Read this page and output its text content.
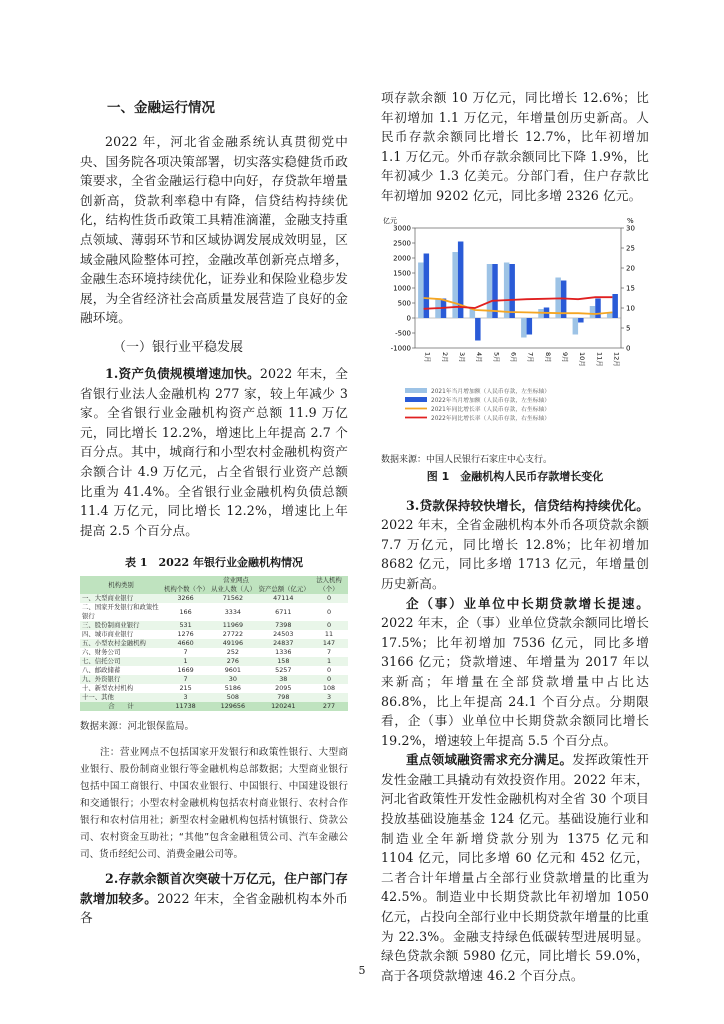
一、金融运行情况

2022 年，河北省金融系统认真贯彻党中央、国务院各项决策部署，切实落实稳健货币政策要求，全省金融运行稳中向好，存贷款年增量创新高，贷款利率稳中有降，信贷结构持续优化，结构性货币政策工具精准滴灌，金融支持重点领域、薄弱环节和区域协调发展成效明显，区域金融风险整体可控，金融改革创新亮点增多，金融生态环境持续优化，证券业和保险业稳步发展，为全省经济社会高质量发展营造了良好的金融环境。

（一）银行业平稳发展

1.资产负债规模增速加快。2022 年末，全省银行业法人金融机构 277 家，较上年减少 3 家。全省银行业金融机构资产总额 11.9 万亿元，同比增长 12.2%，增速比上年提高 2.7 个百分点。其中，城商行和小型农村金融机构资产余额合计 4.9 万亿元，占全省银行业资产总额比重为 41.4%。全省银行业金融机构负债总额 11.4 万亿元，同比增长 12.2%，增速比上年提高 2.5 个百分点。

表 1　2022 年银行业金融机构情况
机构类别	营业网点			法人机构（个）
	机构个数（个）	从业人数（人）	资产总额（亿元）	
一、大型商业银行	3266	71562	47114	0
二、国家开发银行和政策性银行	166	3334	6711	0
三、股份制商业银行	531	11969	7398	0
四、城市商业银行	1276	27722	24503	11
五、小型农村金融机构	4660	49196	24837	147
六、财务公司	7	252	1336	7
七、信托公司	1	276	158	1
八、邮政储蓄	1669	9601	5257	0
九、外资银行	7	30	38	0
十、新型农村机构	215	5186	2095	108
十一、其他	3	508	798	3
合　　计	11738	129656	120241	277
数据来源：河北银保监局。

注：营业网点不包括国家开发银行和政策性银行、大型商业银行、股份制商业银行等金融机构总部数据；大型商业银行包括中国工商银行、中国农业银行、中国银行、中国建设银行和交通银行；小型农村金融机构包括农村商业银行、农村合作银行和农村信用社；新型农村金融机构包括村镇银行、贷款公司、农村资金互助社；“其他”包含金融租赁公司、汽车金融公司、货币经纪公司、消费金融公司等。

2.存款余额首次突破十万亿元，住户部门存款增加较多。2022 年末，全省金融机构本外币各

项存款余额 10 万亿元，同比增长 12.6%；比年初增加 1.1 万亿元，年增量创历史新高。人民币存款余额同比增长 12.7%，比年初增加 1.1 万亿元。外币存款余额同比下降 1.9%，比年初减少 1.3 亿美元。分部门看，住户存款比年初增加 9202 亿元，同比多增 2326 亿元。

亿元	%
3000
2500
2000
1500
1000
500
0
-500
-1000
30
25
20
15
10
5
0
1月 2月 3月 4月 5月 6月 7月 8月 9月 10月 11月 12月
2021年当月增加额（人民币存款，左坐标轴）
2022年当月增加额（人民币存款，左坐标轴）
2021年同比增长率（人民币存款，右坐标轴）
2022年同比增长率（人民币存款，右坐标轴）
数据来源：中国人民银行石家庄中心支行。
图 1　金融机构人民币存款增长变化

3.贷款保持较快增长，信贷结构持续优化。2022 年末，全省金融机构本外币各项贷款余额 7.7 万亿元，同比增长 12.8%；比年初增加 8682 亿元，同比多增 1713 亿元，年增量创历史新高。

企（事）业单位中长期贷款增长提速。2022 年末，企（事）业单位贷款余额同比增长 17.5%；比年初增加 7536 亿元，同比多增 3166 亿元；贷款增速、年增量为 2017 年以来新高；年增量在全部贷款增量中占比达 86.8%，比上年提高 24.1 个百分点。分期限看，企（事）业单位中长期贷款余额同比增长 19.2%，增速较上年提高 5.5 个百分点。

重点领域融资需求充分满足。发挥政策性开发性金融工具撬动有效投资作用。2022 年末，河北省政策性开发性金融机构对全省 30 个项目投放基础设施基金 124 亿元。基础设施行业和制造业全年新增贷款分别为 1375 亿元和 1104 亿元，同比多增 60 亿元和 452 亿元，二者合计年增量占全部行业贷款增量的比重为 42.5%。制造业中长期贷款比年初增加 1050 亿元，占投向全部行业中长期贷款年增量的比重为 22.3%。金融支持绿色低碳转型进展明显。绿色贷款余额 5980 亿元，同比增长 59.0%，高于各项贷款增速 46.2 个百分点。

5
